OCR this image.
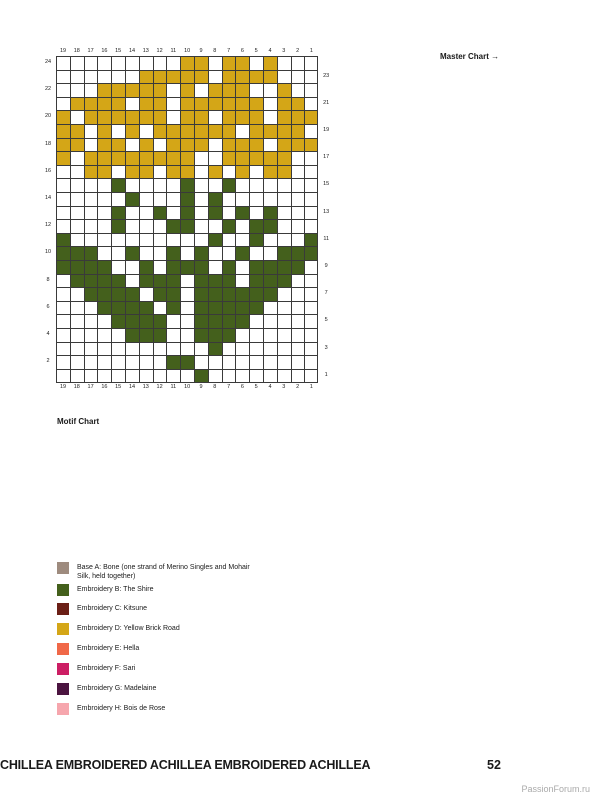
19
19
18
18
17
17
16
16
15
15
14
14
13
13
12
12
11
11
10
10
9
9
8
8
7
7
6
6
5
5
4
4
3
3
2
2
1
1
24
22
20
18
16
14
12
10
8
6
4
2
23
21
19
17
15
13
11
9
7
5
3
1
Master Chart →
Motif Chart
Base A: Bone (one strand of Merino Singles and Mohair Silk, held together)
Embroidery B: The Shire
Embroidery C: Kitsune
Embroidery D: Yellow Brick Road
Embroidery E: Hella
Embroidery F: Sari
Embroidery G: Madelaine
Embroidery H: Bois de Rose
CHILLEA EMBROIDERED ACHILLEA EMBROIDERED ACHILLEA	52
PassionForum.ru
